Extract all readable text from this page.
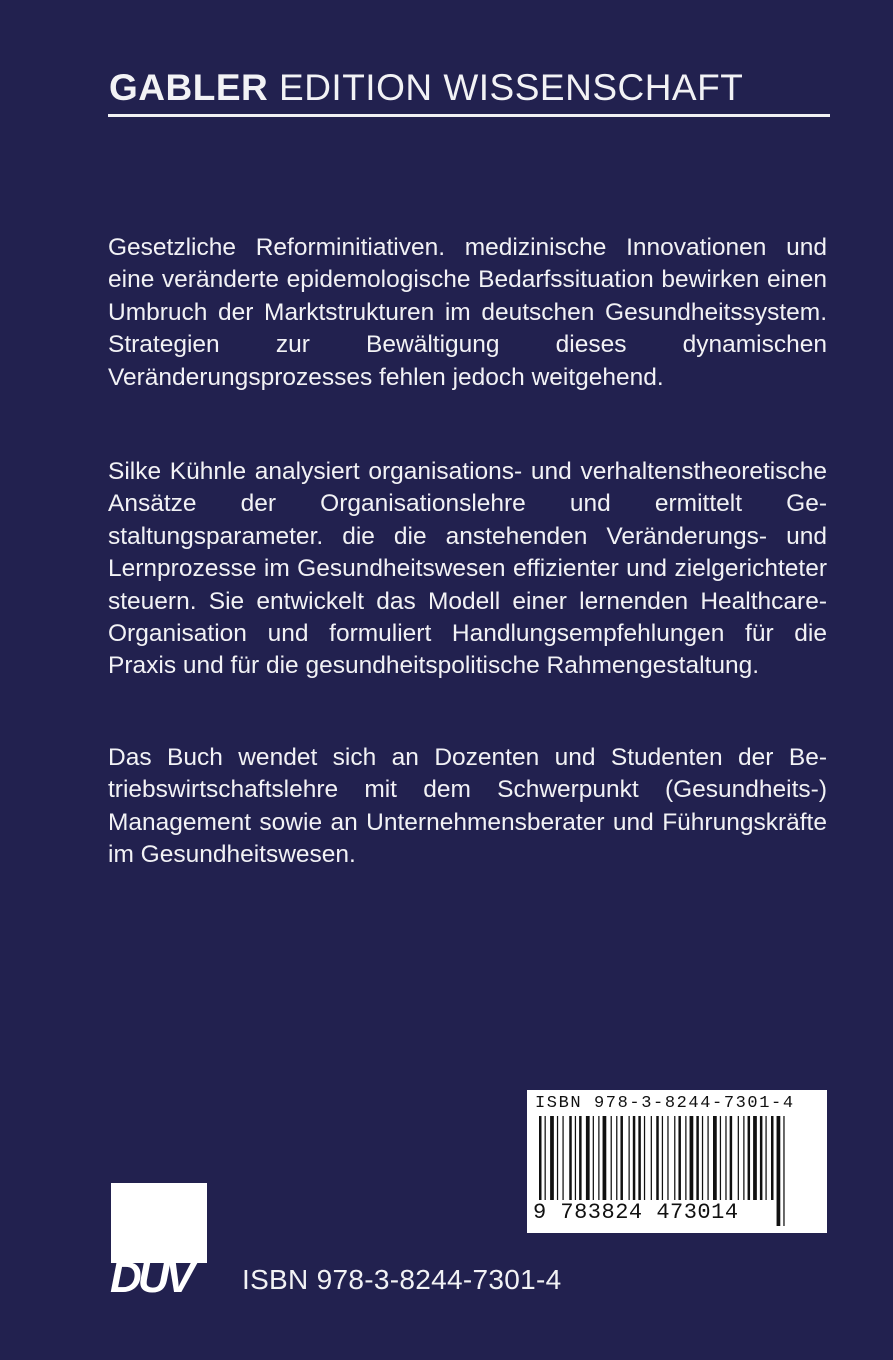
GABLER EDITION WISSENSCHAFT

Gesetzliche Reforminitiativen. medizinische Innovationen und eine veränderte epidemologische Bedarfssituation bewirken einen Umbruch der Marktstrukturen im deutschen Gesundheitssystem. Strategien zur Bewältigung dieses dynamischen Veränderungsprozesses fehlen jedoch weitgehend.

Silke Kühnle analysiert organisations- und verhaltenstheoretische Ansätze der Organisationslehre und ermittelt Gestaltungsparameter. die die anstehenden Veränderungs- und Lernprozesse im Gesundheitswesen effizienter und zielgerichteter steuern. Sie entwickelt das Modell einer lernenden Healthcare-Organisation und formuliert Handlungsempfehlungen für die Praxis und für die gesundheitspolitische Rahmengestaltung.

Das Buch wendet sich an Dozenten und Studenten der Betriebswirtschaftslehre mit dem Schwerpunkt (Gesundheits-) Management sowie an Unternehmensberater und Führungskräfte im Gesundheitswesen.

ISBN 978-3-8244-7301-4
9 783824 473014
DUV ISBN 978-3-8244-7301-4
